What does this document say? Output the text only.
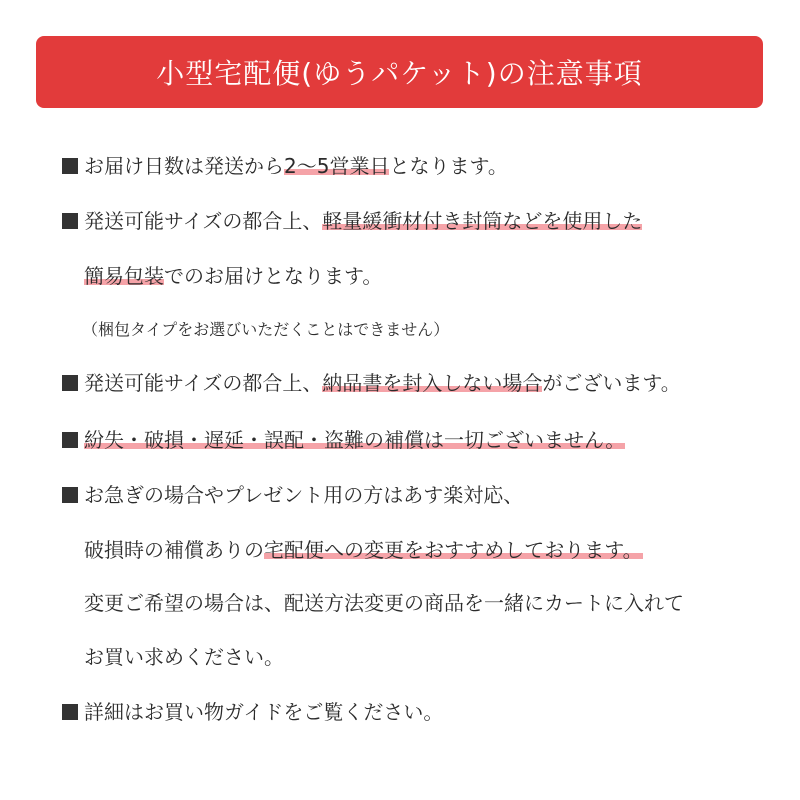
小型宅配便(ゆうパケット)の注意事項
お届け日数は発送から2〜5営業日となります。
発送可能サイズの都合上、軽量緩衝材付き封筒などを使用した
簡易包装でのお届けとなります。
（梱包タイプをお選びいただくことはできません）
発送可能サイズの都合上、納品書を封入しない場合がございます。
紛失・破損・遅延・誤配・盗難の補償は一切ございません。
お急ぎの場合やプレゼント用の方はあす楽対応、
破損時の補償ありの宅配便への変更をおすすめしております。
変更ご希望の場合は、配送方法変更の商品を一緒にカートに入れて
お買い求めください。
詳細はお買い物ガイドをご覧ください。
